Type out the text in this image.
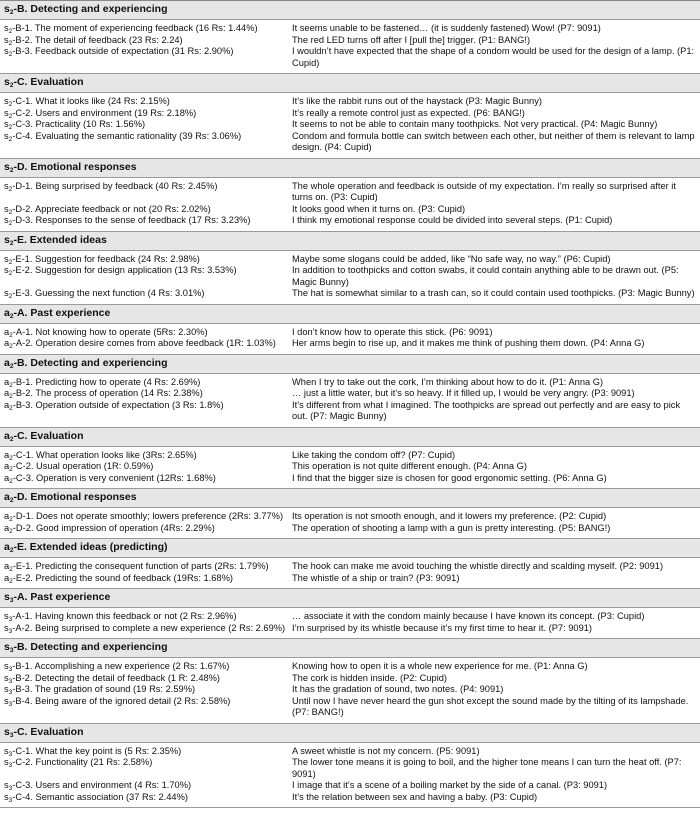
$s_2-B$. Detecting and experiencing
$s_2-B-1$. The moment of experiencing feedback (16 Rs: 1.44%)	It seems unable to be fastened… (it is suddenly fastened) Wow! (P7: 9091)
$s_2-B-2$. The detail of feedback (23 Rs: 2.24)	The red LED turns off after I [pull the] trigger. (P1: BANG!)
$s_2-B-3$. Feedback outside of expectation (31 Rs: 2.90%)	I wouldn’t have expected that the shape of a condom would be used for the design of a lamp. (P1: Cupid)
$s_2-C$. Evaluation
$s_2-C-1$. What it looks like (24 Rs: 2.15%)	It’s like the rabbit runs out of the haystack (P3: Magic Bunny)
$s_2-C-2$. Users and environment (19 Rs: 2.18%)	It’s really a remote control just as expected. (P6: BANG!)
$s_2-C-3$. Practicality (10 Rs: 1.56%)	It seems to not be able to contain many toothpicks. Not very practical. (P4: Magic Bunny)
$s_2-C-4$. Evaluating the semantic rationality (39 Rs: 3.06%)	Condom and formula bottle can switch between each other, but neither of them is relevant to lamp design. (P4: Cupid)
$s_2-D$. Emotional responses
$s_2-D-1$. Being surprised by feedback (40 Rs: 2.45%)	The whole operation and feedback is outside of my expectation. I’m really so surprised after it turns on. (P3: Cupid)
$s_2-D-2$. Appreciate feedback or not (20 Rs: 2.02%)	It looks good when it turns on. (P3: Cupid)
$s_2-D-3$. Responses to the sense of feedback (17 Rs: 3.23%)	I think my emotional response could be divided into several steps. (P1: Cupid)
$s_2-E$. Extended ideas
$s_2-E-1$. Suggestion for feedback (24 Rs: 2.98%)	Maybe some slogans could be added, like “No safe way, no way.” (P6: Cupid)
$s_2-E-2$. Suggestion for design application (13 Rs: 3.53%)	In addition to toothpicks and cotton swabs, it could contain anything able to be drawn out. (P5: Magic Bunny)
$s_2-E-3$. Guessing the next function (4 Rs: 3.01%)	The hat is somewhat similar to a trash can, so it could contain used toothpicks. (P3: Magic Bunny)
$a_2-A$. Past experience
$a_2-A-1$. Not knowing how to operate (5Rs: 2.30%)	I don’t know how to operate this stick. (P6: 9091)
$a_2-A-2$. Operation desire comes from above feedback (1R: 1.03%)	Her arms begin to rise up, and it makes me think of pushing them down. (P4: Anna G)
$a_2-B$. Detecting and experiencing
$a_2-B-1$. Predicting how to operate (4 Rs: 2.69%)	When I try to take out the cork, I’m thinking about how to do it. (P1: Anna G)
$a_2-B-2$. The process of operation (14 Rs: 2.38%)	… just a little water, but it’s so heavy. If it filled up, I would be very angry. (P3: 9091)
$a_2-B-3$. Operation outside of expectation (3 Rs: 1.8%)	It’s different from what I imagined. The toothpicks are spread out perfectly and are easy to pick out. (P7: Magic Bunny)
$a_2-C$. Evaluation
$a_2-C-1$. What operation looks like (3Rs: 2.65%)	Like taking the condom off? (P7: Cupid)
$a_2-C-2$. Usual operation (1R: 0.59%)	This operation is not quite different enough. (P4: Anna G)
$a_2-C-3$. Operation is very convenient (12Rs: 1.68%)	I find that the bigger size is chosen for good ergonomic setting. (P6: Anna G)
$a_2-D$. Emotional responses
$a_2-D-1$. Does not operate smoothly; lowers preference (2Rs: 3.77%) Its operation is not smooth enough, and it lowers my preference. (P2: Cupid)
$a_2-D-2$. Good impression of operation (4Rs: 2.29%)	The operation of shooting a lamp with a gun is pretty interesting. (P5: BANG!)
$a_2-E$. Extended ideas (predicting)
$a_2-E-1$. Predicting the consequent function of parts (2Rs: 1.79%)	The hook can make me avoid touching the whistle directly and scalding myself. (P2: 9091)
$a_2-E-2$. Predicting the sound of feedback (19Rs: 1.68%)	The whistle of a ship or train? (P3: 9091)
$s_3-A$. Past experience
$s_3-A-1$. Having known this feedback or not (2 Rs: 2.96%)	… associate it with the condom mainly because I have known its concept. (P3: Cupid)
$s_3-A-2$. Being surprised to complete a new experience (2 Rs: 2.69%) I’m surprised by its whistle because it’s my first time to hear it. (P7: 9091)
$s_3-B$. Detecting and experiencing
$s_3-B-1$. Accomplishing a new experience (2 Rs: 1.67%)	Knowing how to open it is a whole new experience for me. (P1: Anna G)
$s_3-B-2$. Detecting the detail of feedback (1 R: 2.48%)	The cork is hidden inside. (P2: Cupid)
$s_3-B-3$. The gradation of sound (19 Rs: 2.59%)	It has the gradation of sound, two notes. (P4: 9091)
$s_3-B-4$. Being aware of the ignored detail (2 Rs: 2.58%)	Until now I have never heard the gun shot except the sound made by the tilting of its lampshade. (P7: BANG!)
$s_3-C$. Evaluation
$s_3-C-1$. What the key point is (5 Rs: 2.35%)	A sweet whistle is not my concern. (P5: 9091)
$s_3-C-2$. Functionality (21 Rs: 2.58%)	The lower tone means it is going to boil, and the higher tone means I can turn the heat off. (P7: 9091)
$s_3-C-3$. Users and environment (4 Rs: 1.70%)	I image that it’s a scene of a boiling market by the side of a canal. (P3: 9091)
$s_3-C-4$. Semantic association (37 Rs: 2.44%)	It’s the relation between sex and having a baby. (P3: Cupid)
